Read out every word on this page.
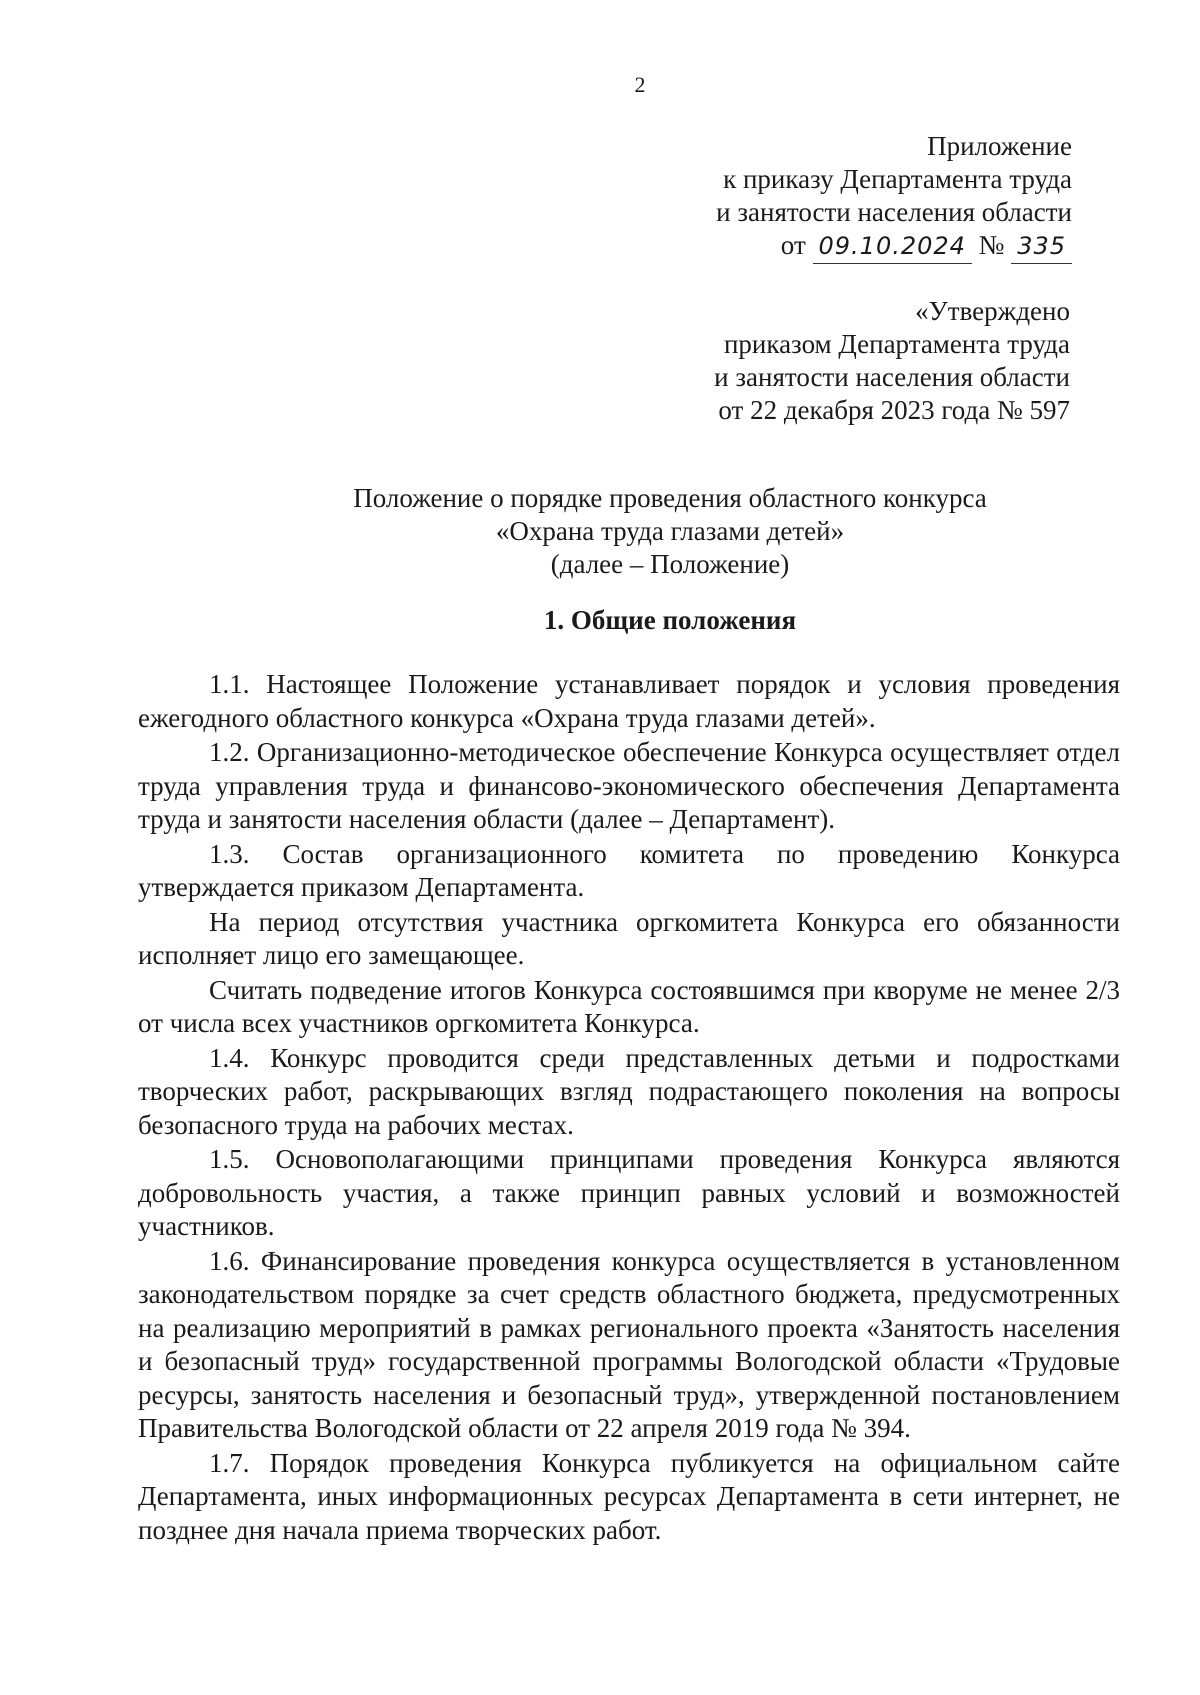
2
Приложение
к приказу Департамента труда
и занятости населения области
от 09.10.2024 № 335
«Утверждено
приказом Департамента труда
и занятости населения области
от 22 декабря 2023 года № 597
Положение о порядке проведения областного конкурса
«Охрана труда глазами детей»
(далее – Положение)
1. Общие положения

1.1. Настоящее Положение устанавливает порядок и условия проведения ежегодного областного конкурса «Охрана труда глазами детей».

1.2. Организационно-методическое обеспечение Конкурса осуществляет отдел труда управления труда и финансово-экономического обеспечения Департамента труда и занятости населения области (далее – Департамент).

1.3. Состав организационного комитета по проведению Конкурса утверждается приказом Департамента.

На период отсутствия участника оргкомитета Конкурса его обязанности исполняет лицо его замещающее.

Считать подведение итогов Конкурса состоявшимся при кворуме не менее 2/3 от числа всех участников оргкомитета Конкурса.

1.4. Конкурс проводится среди представленных детьми и подростками творческих работ, раскрывающих взгляд подрастающего поколения на вопросы безопасного труда на рабочих местах.

1.5. Основополагающими принципами проведения Конкурса являются добровольность участия, а также принцип равных условий и возможностей участников.

1.6. Финансирование проведения конкурса осуществляется в установленном законодательством порядке за счет средств областного бюджета, предусмотренных на реализацию мероприятий в рамках регионального проекта «Занятость населения и безопасный труд» государственной программы Вологодской области «Трудовые ресурсы, занятость населения и безопасный труд», утвержденной постановлением Правительства Вологодской области от 22 апреля 2019 года № 394.

1.7. Порядок проведения Конкурса публикуется на официальном сайте Департамента, иных информационных ресурсах Департамента в сети интернет, не позднее дня начала приема творческих работ.
